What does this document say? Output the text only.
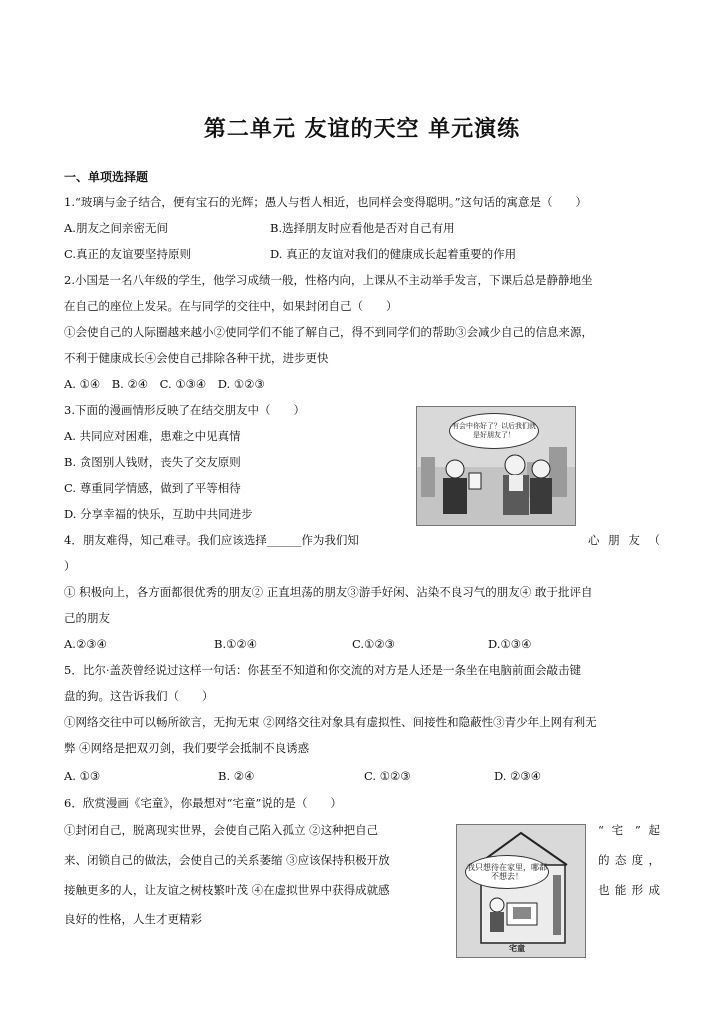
第二单元 友谊的天空 单元演练
一、单项选择题
1.“玻璃与金子结合，便有宝石的光辉；愚人与哲人相近，也同样会变得聪明。”这句话的寓意是（　　）
A.朋友之间亲密无间	B.选择朋友时应看他是否对自己有用
C.真正的友谊要坚持原则	D. 真正的友谊对我们的健康成长起着重要的作用
2.小国是一名八年级的学生，他学习成绩一般，性格内向，上课从不主动举手发言，下课后总是静静地坐
在自己的座位上发呆。在与同学的交往中，如果封闭自己（　　）
①会使自己的人际圈越来越小②使同学们不能了解自己，得不到同学们的帮助③会减少自己的信息来源，
不利于健康成长④会使自己排除各种干扰，进步更快
A. ①④　B. ②④　C. ①③④　D. ①②③
3.下面的漫画情形反映了在结交朋友中（　　）
A. 共同应对困难，患难之中见真情
B. 贪图别人钱财，丧失了交友原则
C. 尊重同学情感，做到了平等相待
D. 分享幸福的快乐，互助中共同进步
有会中你好了？以后我们就是好朋友了！
4．朋友难得，知己难寻。我们应该选择______作为我们知	心 朋 友 （
）
① 积极向上，各方面都很优秀的朋友② 正直坦荡的朋友③游手好闲、沾染不良习气的朋友④ 敢于批评自
己的朋友
A.②③④	B.①②④	C.①②③	D.①③④
5．比尔·盖茨曾经说过这样一句话：你甚至不知道和你交流的对方是人还是一条坐在电脑前面会敲击键
盘的狗。这告诉我们（　　）
①网络交往中可以畅所欲言，无拘无束 ②网络交往对象具有虚拟性、间接性和隐蔽性③青少年上网有利无
弊 ④网络是把双刃剑，我们要学会抵制不良诱惑
A. ①③	B. ②④	C. ①②③	D. ②③④
6．欣赏漫画《宅童》，你最想对“宅童”说的是（　　）
①封闭自己，脱离现实世界，会使自己陷入孤立 ②这种把自己	“ 宅 ” 起
来、闭锁自己的做法，会使自己的关系萎缩 ③应该保持积极开放	的 态 度 ，
接触更多的人，让友谊之树枝繁叶茂 ④在虚拟世界中获得成就感	也 能 形 成
良好的性格，人生才更精彩
我只想待在家里，哪都不想去！
宅童
